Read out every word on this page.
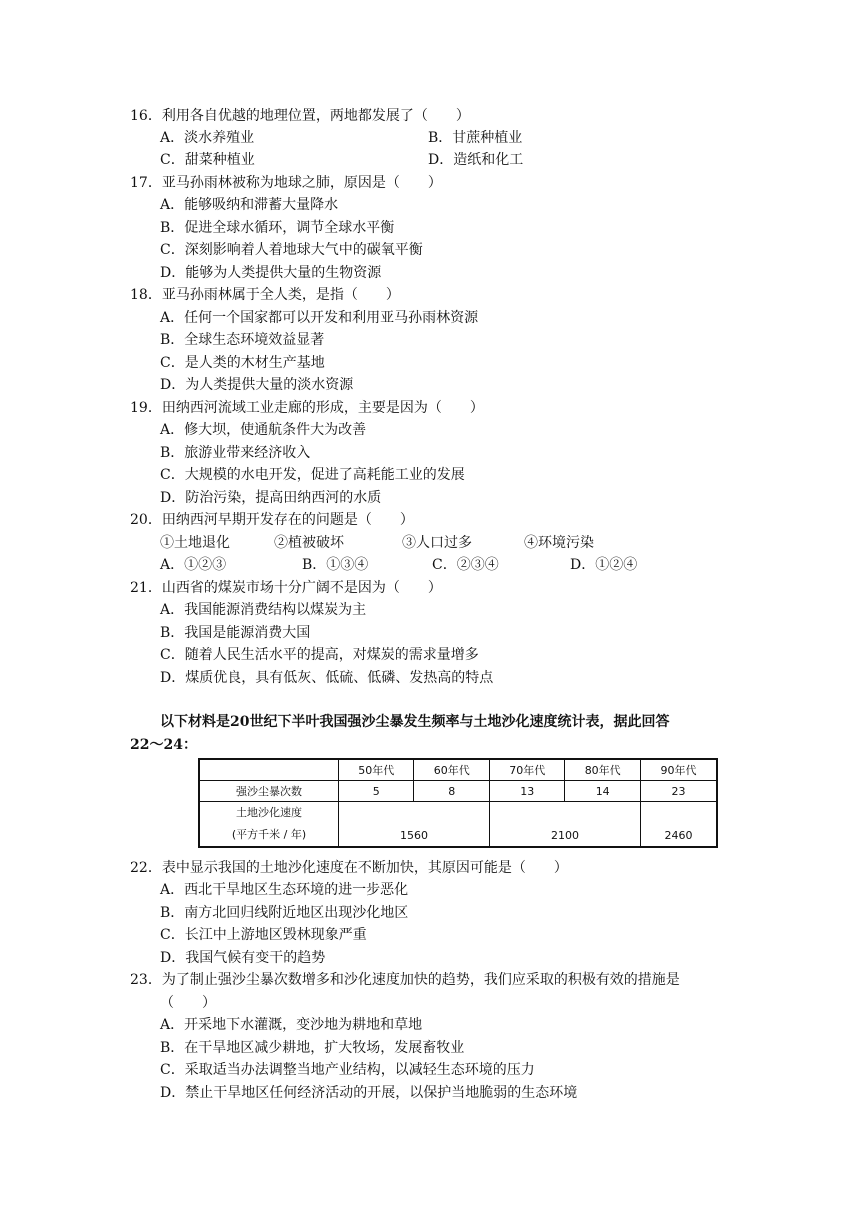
16．利用各自优越的地理位置，两地都发展了（　　）
A．淡水养殖业	B．甘蔗种植业
C．甜菜种植业	D．造纸和化工
17．亚马孙雨林被称为地球之肺，原因是（　　）
A．能够吸纳和滞蓄大量降水
B．促进全球水循环，调节全球水平衡
C．深刻影响着人着地球大气中的碳氧平衡
D．能够为人类提供大量的生物资源
18．亚马孙雨林属于全人类，是指（　　）
A．任何一个国家都可以开发和利用亚马孙雨林资源
B．全球生态环境效益显著
C．是人类的木材生产基地
D．为人类提供大量的淡水资源
19．田纳西河流域工业走廊的形成，主要是因为（　　）
A．修大坝，使通航条件大为改善
B．旅游业带来经济收入
C．大规模的水电开发，促进了高耗能工业的发展
D．防治污染，提高田纳西河的水质
20．田纳西河早期开发存在的问题是（　　）
①土地退化	②植被破坏	③人口过多	④环境污染
A．①②③	B．①③④	C．②③④	D．①②④
21．山西省的煤炭市场十分广阔不是因为（　　）
A．我国能源消费结构以煤炭为主
B．我国是能源消费大国
C．随着人民生活水平的提高，对煤炭的需求量增多
D．煤质优良，具有低灰、低硫、低磷、发热高的特点
以下材料是20世纪下半叶我国强沙尘暴发生频率与土地沙化速度统计表，据此回答
22～24：
	50年代	60年代	70年代	80年代	90年代
强沙尘暴次数	5	8	13	14	23

土地沙化速度
(平方千米 / 年)	1560		2100		2460
22．表中显示我国的土地沙化速度在不断加快，其原因可能是（　　）
A．西北干旱地区生态环境的进一步恶化
B．南方北回归线附近地区出现沙化地区
C．长江中上游地区毁林现象严重
D．我国气候有变干的趋势
23．为了制止强沙尘暴次数增多和沙化速度加快的趋势，我们应采取的积极有效的措施是
（　　）
A．开采地下水灌溉，变沙地为耕地和草地
B．在干旱地区减少耕地，扩大牧场，发展畜牧业
C．采取适当办法调整当地产业结构，以减轻生态环境的压力
D．禁止干旱地区任何经济活动的开展，以保护当地脆弱的生态环境
